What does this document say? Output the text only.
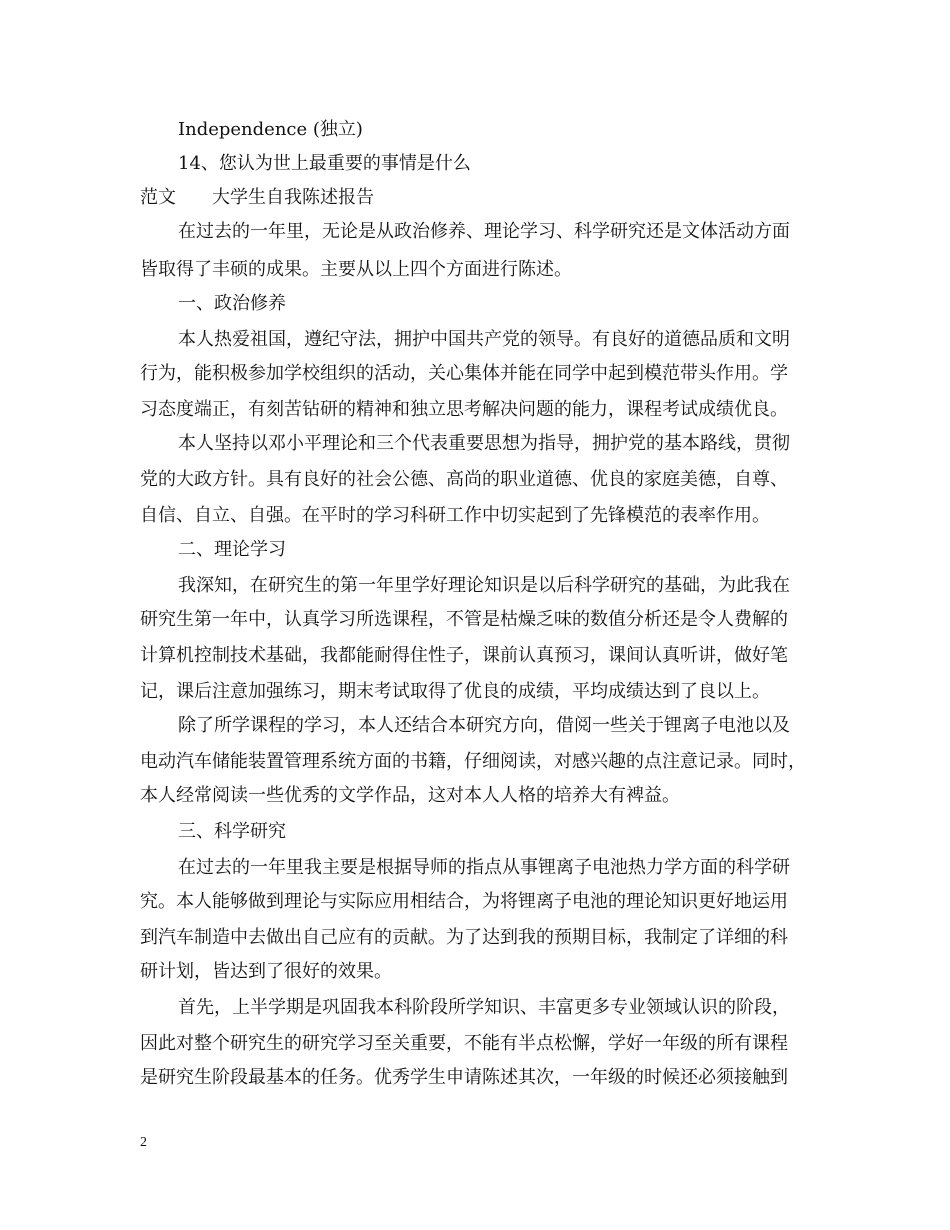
Independence (独立)
14、您认为世上最重要的事情是什么
范文 大学生自我陈述报告
在过去的一年里，无论是从政治修养、理论学习、科学研究还是文体活动方面
皆取得了丰硕的成果。主要从以上四个方面进行陈述。
一、政治修养
本人热爱祖国，遵纪守法，拥护中国共产党的领导。有良好的道德品质和文明
行为，能积极参加学校组织的活动，关心集体并能在同学中起到模范带头作用。学
习态度端正，有刻苦钻研的精神和独立思考解决问题的能力，课程考试成绩优良。
本人坚持以邓小平理论和三个代表重要思想为指导，拥护党的基本路线，贯彻
党的大政方针。具有良好的社会公德、高尚的职业道德、优良的家庭美德，自尊、
自信、自立、自强。在平时的学习科研工作中切实起到了先锋模范的表率作用。
二、理论学习
我深知，在研究生的第一年里学好理论知识是以后科学研究的基础，为此我在
研究生第一年中，认真学习所选课程，不管是枯燥乏味的数值分析还是令人费解的
计算机控制技术基础，我都能耐得住性子，课前认真预习，课间认真听讲，做好笔
记，课后注意加强练习，期末考试取得了优良的成绩，平均成绩达到了良以上。
除了所学课程的学习，本人还结合本研究方向，借阅一些关于锂离子电池以及
电动汽车储能装置管理系统方面的书籍，仔细阅读，对感兴趣的点注意记录。同时，
本人经常阅读一些优秀的文学作品，这对本人人格的培养大有裨益。
三、科学研究
在过去的一年里我主要是根据导师的指点从事锂离子电池热力学方面的科学研
究。本人能够做到理论与实际应用相结合，为将锂离子电池的理论知识更好地运用
到汽车制造中去做出自己应有的贡献。为了达到我的预期目标，我制定了详细的科
研计划，皆达到了很好的效果。
首先，上半学期是巩固我本科阶段所学知识、丰富更多专业领域认识的阶段，
因此对整个研究生的研究学习至关重要，不能有半点松懈，学好一年级的所有课程
是研究生阶段最基本的任务。优秀学生申请陈述其次，一年级的时候还必须接触到
2
